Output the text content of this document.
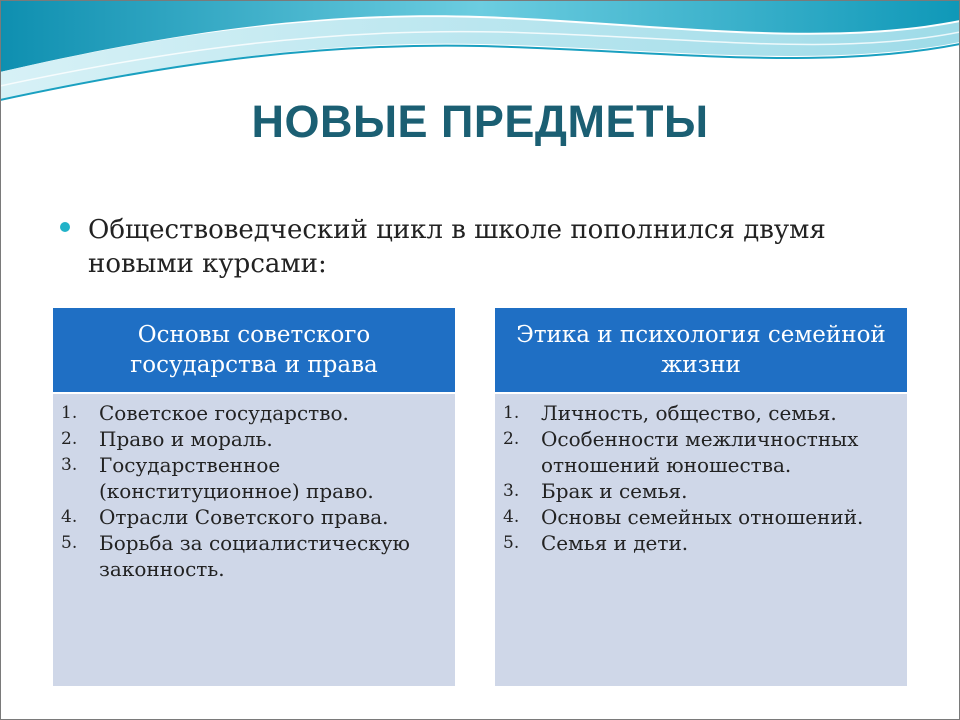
НОВЫЕ ПРЕДМЕТЫ
Обществоведческий цикл в школе пополнился двумя новыми курсами:
Основы советского государства и права
1.	Советское государство.
2.	Право и мораль.
3.	Государственное (конституционное) право.
4.	Отрасли Советского права.
5.	Борьба за социалистическую законность.
Этика и психология семейной жизни
1.	Личность, общество, семья.
2.	Особенности межличностных отношений юношества.
3.	Брак и семья.
4.	Основы семейных отношений.
5.	Семья и дети.
